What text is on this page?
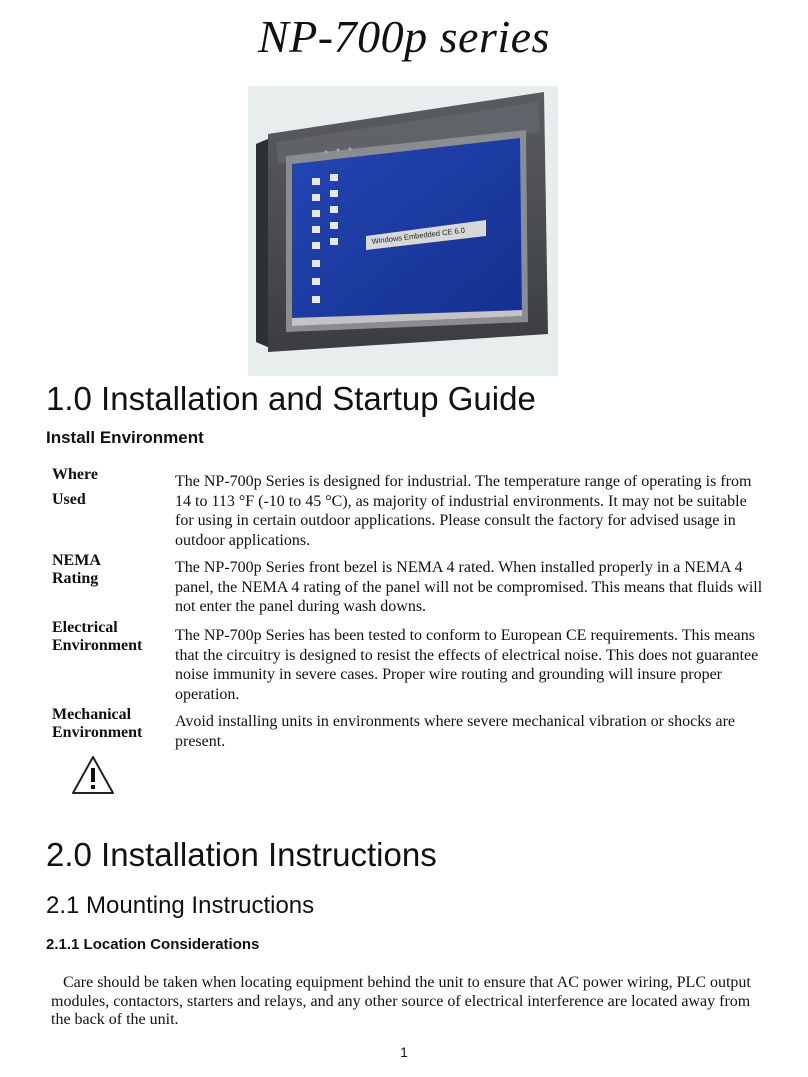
NP-700p series
Windows Embedded CE 6.0
1.0 Installation and Startup Guide
Install Environment
Where
Used
The NP-700p Series is designed for industrial. The temperature range of operating is from 14 to 113 °F (-10 to 45 °C), as majority of industrial environments. It may not be suitable for using in certain outdoor applications. Please consult the factory for advised usage in outdoor applications.
NEMA
Rating
The NP-700p Series front bezel is NEMA 4 rated. When installed properly in a NEMA 4 panel, the NEMA 4 rating of the panel will not be compromised. This means that fluids will not enter the panel during wash downs.
Electrical
Environment
The NP-700p Series has been tested to conform to European CE requirements. This means that the circuitry is designed to resist the effects of electrical noise. This does not guarantee noise immunity in severe cases. Proper wire routing and grounding will insure proper operation.
Mechanical
Environment
Avoid installing units in environments where severe mechanical vibration or shocks are present.
2.0 Installation Instructions
2.1 Mounting Instructions
2.1.1 Location Considerations
Care should be taken when locating equipment behind the unit to ensure that AC power wiring, PLC output modules, contactors, starters and relays, and any other source of electrical interference are located away from the back of the unit.
1
